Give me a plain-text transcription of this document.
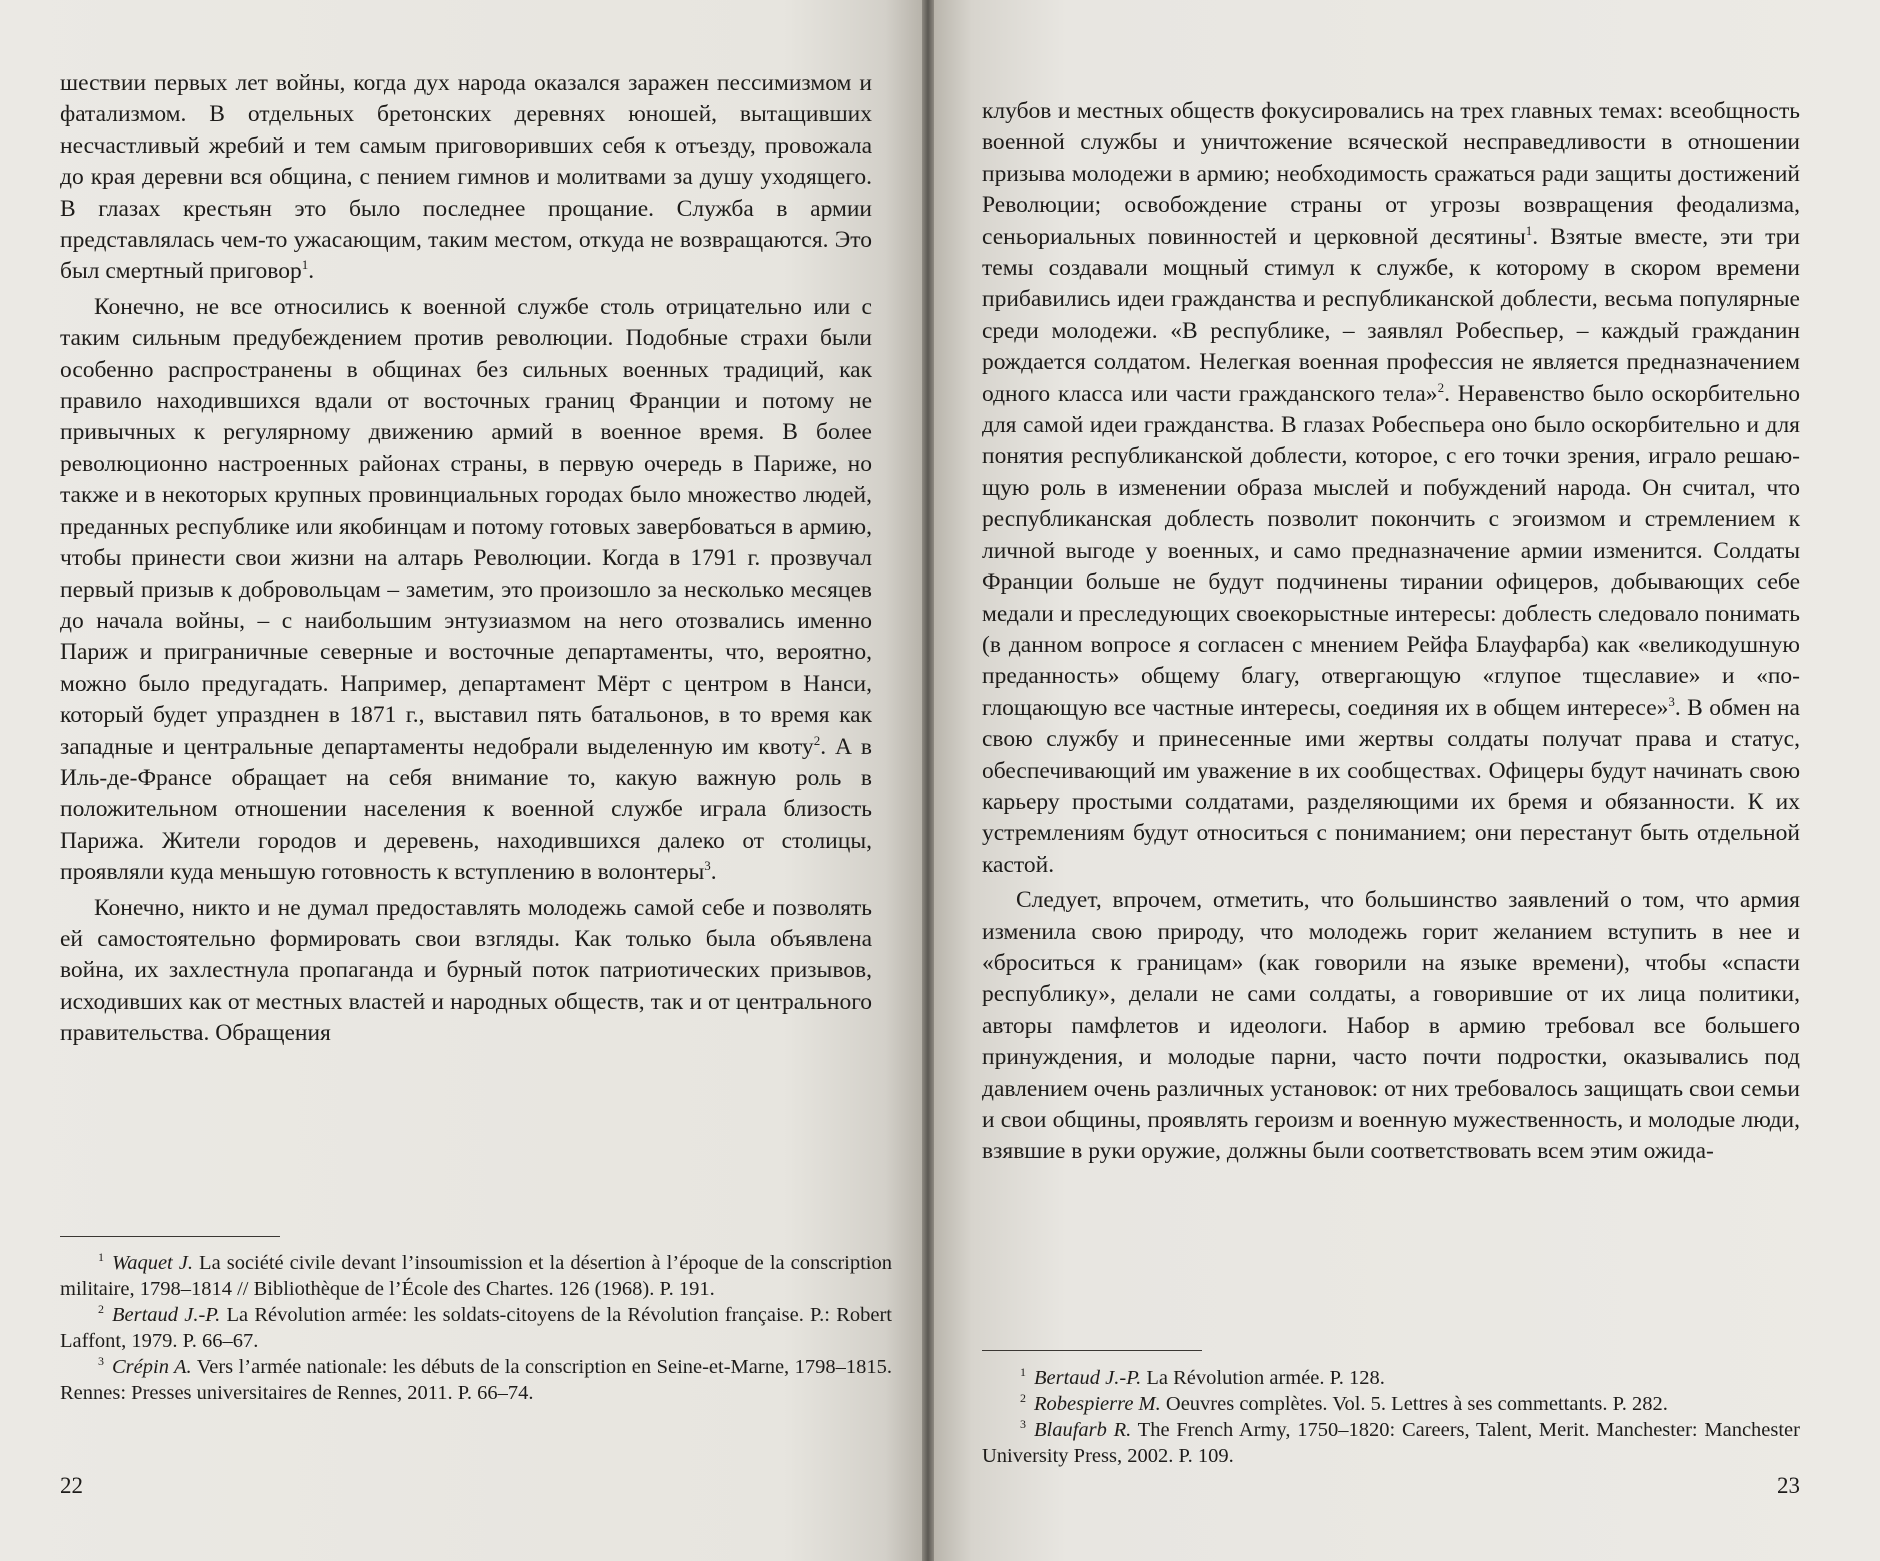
шествии первых лет войны, когда дух народа оказался заражен пессимизмом и фатализмом. В отдельных бретонских деревнях юношей, вытащивших несчастливый жребий и тем самым приговоривших себя к отъезду, провожала до края деревни вся община, с пением гимнов и молитвами за душу уходящего. В глазах крестьян это было последнее прощание. Служба в армии представлялась чем-то ужасающим, таким местом, откуда не возвращаются. Это был смертный приговор$^1$.

Конечно, не все относились к военной службе столь отрицательно или с таким сильным предубеждением против революции. Подобные страхи были особенно распространены в общинах без сильных военных традиций, как правило находившихся вдали от восточных границ Франции и потому не привычных к регулярному движению армий в военное время. В более революционно настроенных районах страны, в первую очередь в Париже, но также и в некоторых крупных провинциальных городах было множество людей, преданных республике или якобинцам и потому готовых завербоваться в армию, чтобы принести свои жизни на алтарь Революции. Когда в 1791 г. прозвучал первый призыв к добровольцам – заметим, это произошло за несколько месяцев до начала войны, – с наибольшим энтузиазмом на него отозвались именно Париж и приграничные северные и восточные департаменты, что, вероятно, можно было предугадать. Например, департамент Мёрт с центром в Нанси, который будет упразднен в 1871 г., выставил пять батальонов, в то время как западные и центральные департаменты недобрали выделенную им квоту$^2$. А в Иль-де-Франсе обращает на себя внимание то, какую важную роль в положительном отношении населения к военной службе играла близость Парижа. Жители городов и деревень, находившихся далеко от столицы, проявляли куда меньшую готовность к вступлению в волонтеры$^3$.

Конечно, никто и не думал предоставлять молодежь самой себе и позволять ей самостоятельно формировать свои взгляды. Как только была объявлена война, их захлестнула пропаганда и бурный поток патриотических призывов, исходивших как от местных властей и народных обществ, так и от центрального правительства. Обращения

$^1$ Waquet J. La société civile devant l’insoumission et la désertion à l’époque de la conscription militaire, 1798–1814 // Bibliothèque de l’École des Chartes. 126 (1968). P. 191.

$^2$ Bertaud J.-P. La Révolution armée: les soldats-citoyens de la Révolution française. P.: Robert Laffont, 1979. P. 66–67.

$^3$ Crépin A. Vers l’armée nationale: les débuts de la conscription en Seine-et-Marne, 1798–1815. Rennes: Presses universitaires de Rennes, 2011. P. 66–74.

22

клубов и местных обществ фокусировались на трех главных темах: всеобщность военной службы и уничтожение всяческой несправедливости в отношении призыва молодежи в армию; необходимость сражаться ради защиты достижений Революции; освобождение страны от угрозы возвращения феодализма, сеньориальных повинностей и церковной десятины$^1$. Взятые вместе, эти три темы создавали мощный стимул к службе, к которому в скором времени прибавились идеи гражданства и республиканской доблести, весьма популярные среди молодежи. «В республике, – заявлял Робеспьер, – каждый гражданин рождается солдатом. Нелегкая военная профессия не является предназначением одного класса или части гражданского тела»$^2$. Неравенство было оскорбительно для самой идеи гражданства. В глазах Робеспьера оно было оскорбительно и для понятия республиканской доблести, которое, с его точки зрения, играло решающую роль в изменении образа мыслей и побуждений народа. Он считал, что республиканская доблесть позволит покончить с эгоизмом и стремлением к личной выгоде у военных, и само предназначение армии изменится. Солдаты Франции больше не будут подчинены тирании офицеров, добывающих себе медали и преследующих своекорыстные интересы: доблесть следовало понимать (в данном вопросе я согласен с мнением Рейфа Блауфарба) как «великодушную преданность» общему благу, отвергающую «глупое тщеславие» и «поглощающую все частные интересы, соединяя их в общем интересе»$^3$. В обмен на свою службу и принесенные ими жертвы солдаты получат права и статус, обеспечивающий им уважение в их сообществах. Офицеры будут начинать свою карьеру простыми солдатами, разделяющими их бремя и обязанности. К их устремлениям будут относиться с пониманием; они перестанут быть отдельной кастой.

Следует, впрочем, отметить, что большинство заявлений о том, что армия изменила свою природу, что молодежь горит желанием вступить в нее и «броситься к границам» (как говорили на языке времени), чтобы «спасти республику», делали не сами солдаты, а говорившие от их лица политики, авторы памфлетов и идеологи. Набор в армию требовал все большего принуждения, и молодые парни, часто почти подростки, оказывались под давлением очень различных установок: от них требовалось защищать свои семьи и свои общины, проявлять героизм и военную мужественность, и молодые люди, взявшие в руки оружие, должны были соответствовать всем этим ожида-

$^1$ Bertaud J.-P. La Révolution armée. P. 128.

$^2$ Robespierre M. Oeuvres complètes. Vol. 5. Lettres à ses commettants. P. 282.

$^3$ Blaufarb R. The French Army, 1750–1820: Careers, Talent, Merit. Manchester: Manchester University Press, 2002. P. 109.

23
